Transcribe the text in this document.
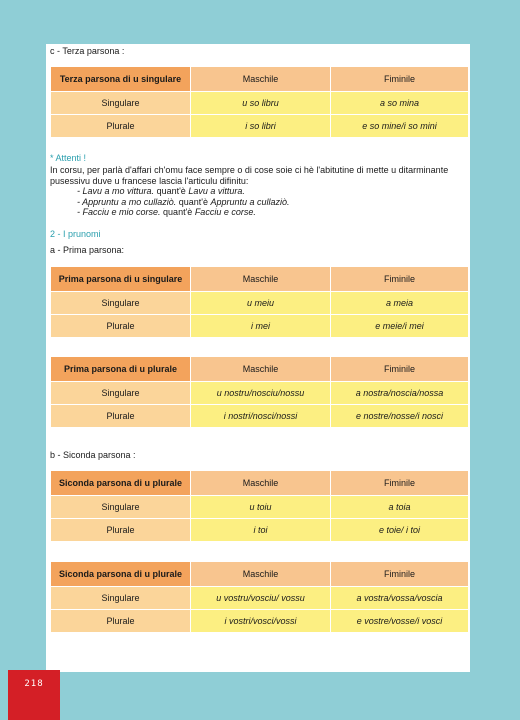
c - Terza parsona :
Terza parsona di u singulare	Maschile	Fiminile
Singulare	u so libru	a so mina
Plurale	i so libri	e so mine/i so mini
* Attenti !
In corsu, per parlà d'affari ch'omu face sempre o di cose soie ci hè l'abitutine di mette u ditarminante
pusessivu duve u francese lascia l'articulu difinitu:
- Lavu a mo vittura. quant'è Lavu a vittura.
- Appruntu a mo cullaziò. quant'è Appruntu a cullaziò.
- Facciu e mio corse. quant'è Facciu e corse.
2 - I prunomi
a - Prima parsona:
Prima parsona di u singulare	Maschile	Fiminile
Singulare	u meiu	a meia
Plurale	i mei	e meie/i mei
Prima parsona di u plurale	Maschile	Fiminile
Singulare	u nostru/nosciu/nossu	a nostra/noscia/nossa
Plurale	i nostri/nosci/nossi	e nostre/nosse/i nosci
b - Siconda parsona :
Siconda parsona di u plurale	Maschile	Fiminile
Singulare	u toiu	a toia
Plurale	i toi	e toie/ i toi
Siconda parsona di u plurale	Maschile	Fiminile
Singulare	u vostru/vosciu/ vossu	a vostra/vossa/voscia
Plurale	i vostri/vosci/vossi	e vostre/vosse/i vosci
218
